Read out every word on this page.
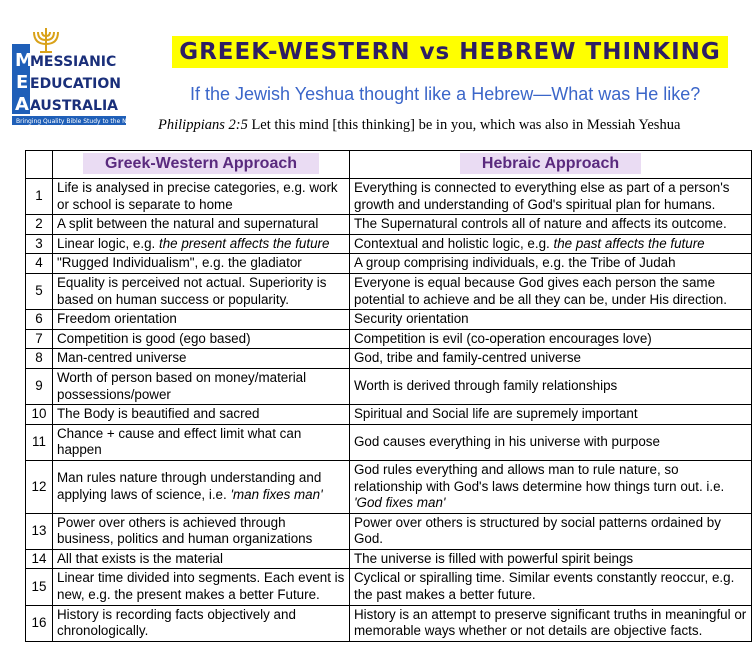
M
E
A
MESSIANIC
EDUCATION
AUSTRALIA
Bringing Quality Bible Study to the Nation
GREEK-WESTERN vs HEBREW THINKING
If the Jewish Yeshua thought like a Hebrew—What was He like?
Philippians 2:5 Let this mind [this thinking] be in you, which was also in Messiah Yeshua
	Greek-Western Approach	Hebraic Approach
1	Life is analysed in precise categories, e.g. work or school is separate to home	Everything is connected to everything else as part of a person's growth and understanding of God's spiritual plan for humans.
2	A split between the natural and supernatural	The Supernatural controls all of nature and affects its outcome.
3	Linear logic, e.g. the present affects the future	Contextual and holistic logic, e.g. the past affects the future
4	"Rugged Individualism", e.g. the gladiator	A group comprising individuals, e.g. the Tribe of Judah
5	Equality is perceived not actual. Superiority is based on human success or popularity.	Everyone is equal because God gives each person the same potential to achieve and be all they can be, under His direction.
6	Freedom orientation	Security orientation
7	Competition is good (ego based)	Competition is evil (co-operation encourages love)
8	Man-centred universe	God, tribe and family-centred universe
9	Worth of person based on money/material possessions/power	Worth is derived through family relationships
10	The Body is beautified and sacred	Spiritual and Social life are supremely important
11	Chance + cause and effect limit what can happen	God causes everything in his universe with purpose
12	Man rules nature through understanding and applying laws of science, i.e. 'man fixes man'	God rules everything and allows man to rule nature, so relationship with God's laws determine how things turn out. i.e. 'God fixes man'
13	Power over others is achieved through business, politics and human organizations	Power over others is structured by social patterns ordained by God.
14	All that exists is the material	The universe is filled with powerful spirit beings
15	Linear time divided into segments. Each event is new, e.g. the present makes a better Future.	Cyclical or spiralling time. Similar events constantly reoccur, e.g. the past makes a better future.
16	History is recording facts objectively and chronologically.	History is an attempt to preserve significant truths in meaningful or memorable ways whether or not details are objective facts.
